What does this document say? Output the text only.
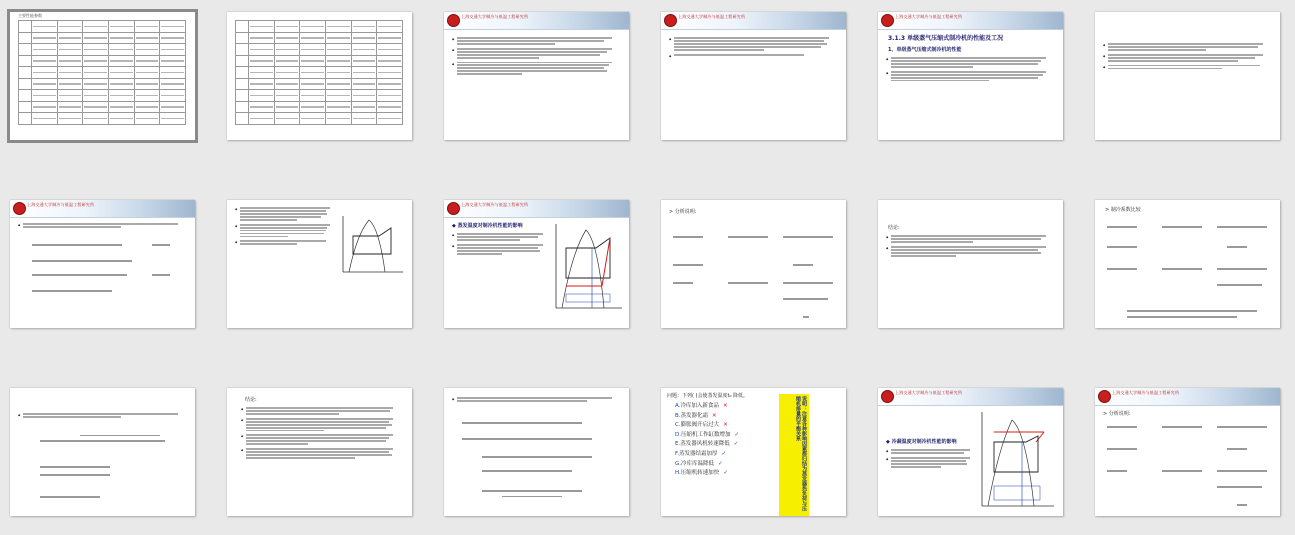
主要性能参数

		上海交通大学制冷与低温工程研究所
◆
◆
◆	上海交通大学制冷与低温工程研究所
◆
◆	上海交通大学制冷与低温工程研究所
3.1.3 单级蒸气压缩式制冷机的性能及工况
1、单级蒸气压缩式制冷机的性能
◆
◆
◆
◆
◆
上海交通大学制冷与低温工程研究所
◆
◆
◆
◆	上海交通大学制冷与低温工程研究所
◆ 蒸发温度对制冷机性能的影响
◆
◆
> 分析说明:
结论:
◆
◆
> 制冷系数比较
◆
结论:
◆
◆
◆
◆
◆
问题：下列( )会使蒸发温度t₀ 降低。
A.冷库加入新食品 ✕
B.蒸发器化霜 ✕
C.膨胀阀开启过大 ✕
D.压缩机工作缸数增加 ✓
E.蒸发器风机转速降低 ✓
F.蒸发器结霜加厚 ✓
G.冷库库温降低 ✓
H.压缩机转速加快 ✓	说明：注意各种影响因素都归结为蒸发器热负荷与压缩机排量的平衡关系
上海交通大学制冷与低温工程研究所
◆ 冷凝温度对制冷机性能的影响
◆
◆
上海交通大学制冷与低温工程研究所
> 分析说明:
